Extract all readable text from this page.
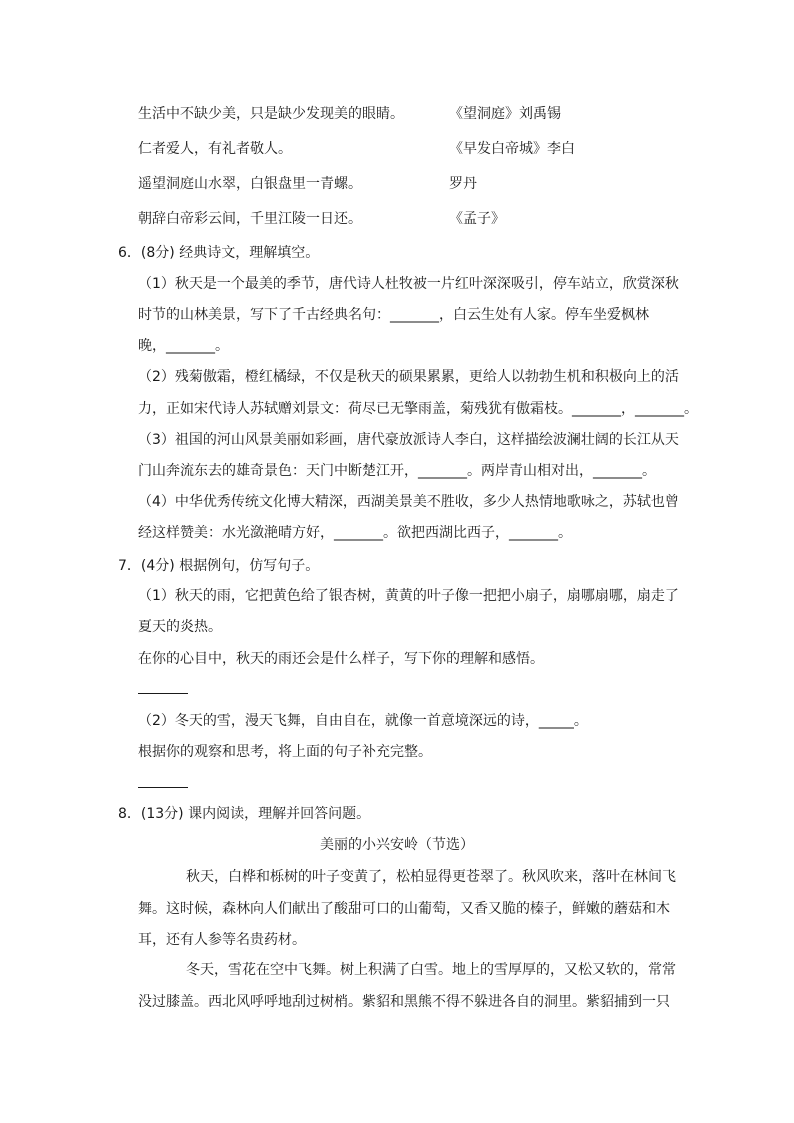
生活中不缺少美，只是缺少发现美的眼睛。	《望洞庭》刘禹锡
仁者爱人，有礼者敬人。	《早发白帝城》李白
遥望洞庭山水翠，白银盘里一青螺。	罗丹
朝辞白帝彩云间，千里江陵一日还。	《孟子》
6．(8分) 经典诗文，理解填空。
（1）秋天是一个最美的季节，唐代诗人杜牧被一片红叶深深吸引，停车站立，欣赏深秋
时节的山林美景，写下了千古经典名句：_______，白云生处有人家。停车坐爱枫林
晚，_______。
（2）残菊傲霜，橙红橘绿，不仅是秋天的硕果累累，更给人以勃勃生机和积极向上的活
力，正如宋代诗人苏轼赠刘景文：荷尽已无擎雨盖，菊残犹有傲霜枝。_______，_______。
（3）祖国的河山风景美丽如彩画，唐代豪放派诗人李白，这样描绘波澜壮阔的长江从天
门山奔流东去的雄奇景色：天门中断楚江开，_______。两岸青山相对出，_______。
（4）中华优秀传统文化博大精深，西湖美景美不胜收，多少人热情地歌咏之，苏轼也曾
经这样赞美：水光潋滟晴方好，_______。欲把西湖比西子，_______。
7．(4分) 根据例句，仿写句子。
（1）秋天的雨，它把黄色给了银杏树，黄黄的叶子像一把把小扇子，扇哪扇哪，扇走了
夏天的炎热。
在你的心目中，秋天的雨还会是什么样子，写下你的理解和感悟。
（2）冬天的雪，漫天飞舞，自由自在，就像一首意境深远的诗，_____。
根据你的观察和思考，将上面的句子补充完整。
8．(13分) 课内阅读，理解并回答问题。
美丽的小兴安岭（节选）
秋天，白桦和栎树的叶子变黄了，松柏显得更苍翠了。秋风吹来，落叶在林间飞
舞。这时候，森林向人们献出了酸甜可口的山葡萄，又香又脆的榛子，鲜嫩的蘑菇和木
耳，还有人参等名贵药材。
冬天，雪花在空中飞舞。树上积满了白雪。地上的雪厚厚的，又松又软的，常常
没过膝盖。西北风呼呼地刮过树梢。紫貂和黑熊不得不躲进各自的洞里。紫貂捕到一只
